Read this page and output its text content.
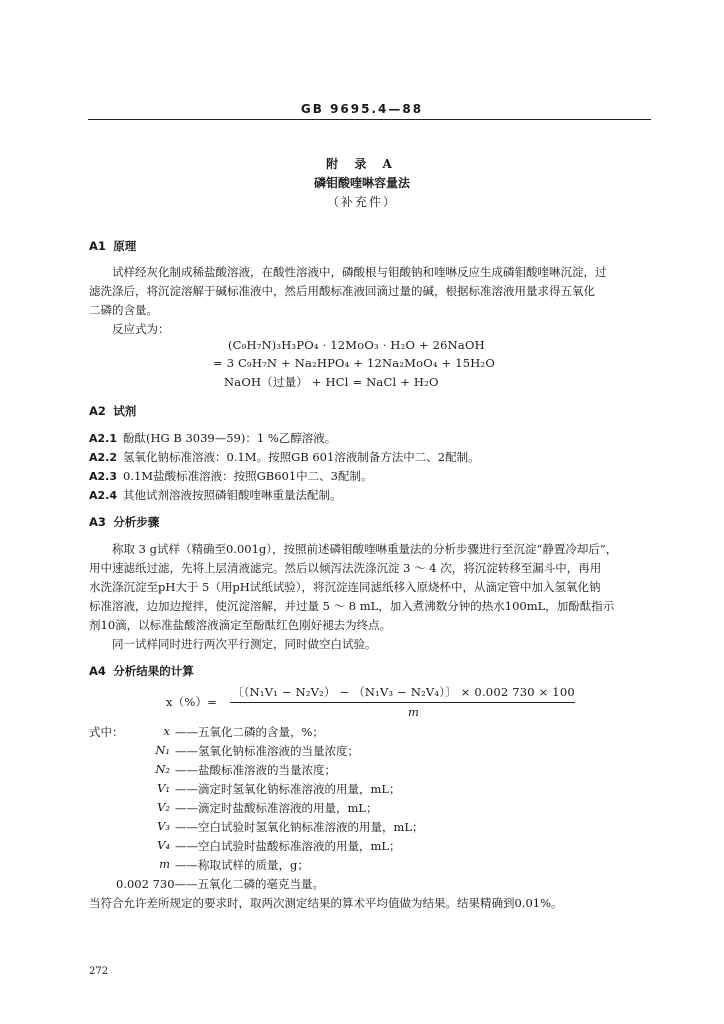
GB 9695.4—88
附 录 A
磷钼酸喹啉容量法
（补充件）
A1 原理
试样经灰化制成稀盐酸溶液，在酸性溶液中，磷酸根与钼酸钠和喹啉反应生成磷钼酸喹啉沉淀，过
滤洗涤后，将沉淀溶解于碱标准液中，然后用酸标准液回滴过量的碱，根据标准溶液用量求得五氧化
二磷的含量。
反应式为：
(C₉H₇N)₃H₃PO₄ · 12MoO₃ · H₂O + 26NaOH
= 3 C₉H₇N + Na₂HPO₄ + 12Na₂MoO₄ + 15H₂O
NaOH（过量） + HCl = NaCl + H₂O
A2 试剂
A2.1 酚酞(HG B 3039—59)：1 %乙醇溶液。
A2.2 氢氧化钠标准溶液：0.1M。按照GB 601溶液制备方法中二、2配制。
A2.3 0.1M盐酸标准溶液：按照GB601中二、3配制。
A2.4 其他试剂溶液按照磷钼酸喹啉重量法配制。
A3 分析步骤
称取 3 g试样（精确至0.001g），按照前述磷钼酸喹啉重量法的分析步骤进行至沉淀“静置冷却后”，
用中速滤纸过滤，先将上层清液滤完。然后以倾泻法洗涤沉淀 3 ～ 4 次，将沉淀转移至漏斗中，再用
水洗涤沉淀至pH大于 5（用pH试纸试验），将沉淀连同滤纸移入原烧杯中，从滴定管中加入氢氧化钠
标准溶液，边加边搅拌，使沉淀溶解，并过量 5 ～ 8 mL，加入煮沸数分钟的热水100mL，加酚酞指示
剂10滴，以标准盐酸溶液滴定至酚酞红色刚好褪去为终点。
同一试样同时进行两次平行测定，同时做空白试验。
A4 分析结果的计算
x（%）=
〔（N₁V₁ − N₂V₂） − （N₁V₃ − N₂V₄）〕 × 0.002 730 × 100
m
式中：	x ——五氧化二磷的含量，%；
N₁ ——氢氧化钠标准溶液的当量浓度；
N₂ ——盐酸标准溶液的当量浓度；
V₁ ——滴定时氢氧化钠标准溶液的用量，mL；
V₂ ——滴定时盐酸标准溶液的用量，mL；
V₃ ——空白试验时氢氧化钠标准溶液的用量，mL；
V₄ ——空白试验时盐酸标准溶液的用量，mL；
m ——称取试样的质量，g；
0.002 730——五氧化二磷的毫克当量。
当符合允许差所规定的要求时，取两次测定结果的算术平均值做为结果。结果精确到0.01%。
272
